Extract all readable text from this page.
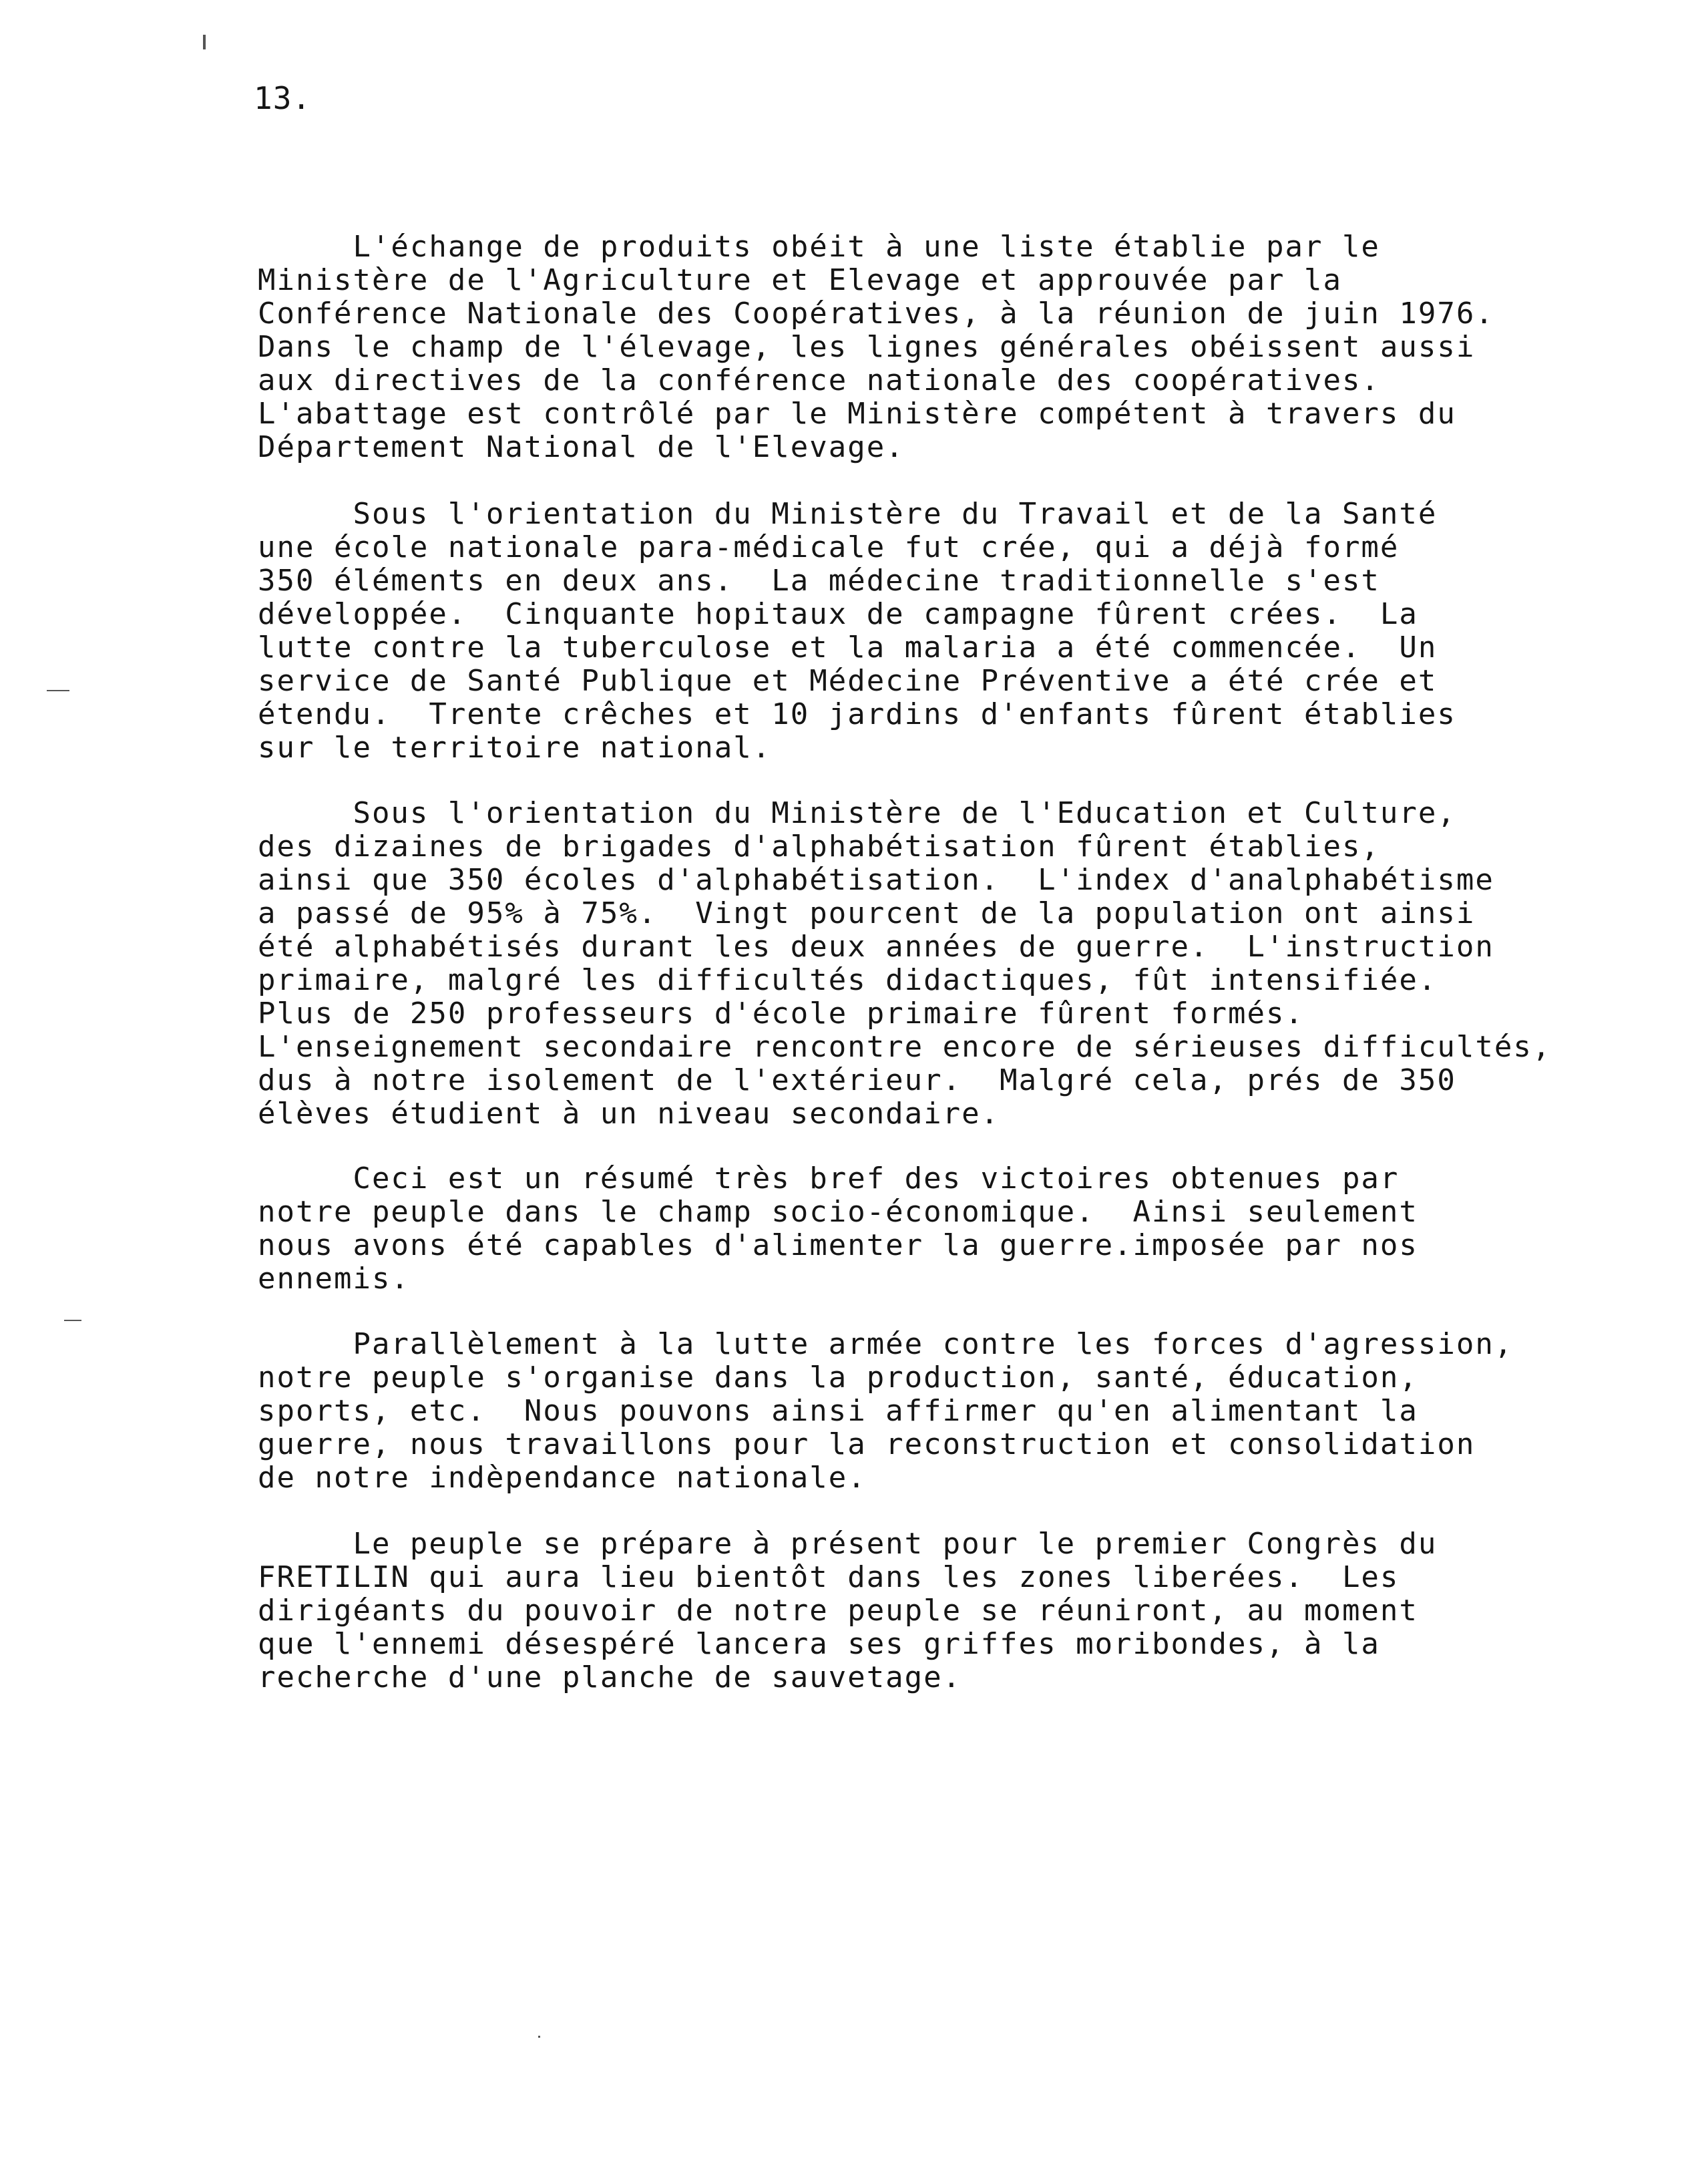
13.
L'échange de produits obéit à une liste établie par le
Ministère de l'Agriculture et Elevage et approuvée par la
Conférence Nationale des Coopératives, à la réunion de juin 1976.
Dans le champ de l'élevage, les lignes générales obéissent aussi
aux directives de la conférence nationale des coopératives.
L'abattage est contrôlé par le Ministère compétent à travers du
Département National de l'Elevage.
Sous l'orientation du Ministère du Travail et de la Santé
une école nationale para-médicale fut crée, qui a déjà formé
350 éléments en deux ans.  La médecine traditionnelle s'est
développée.  Cinquante hopitaux de campagne fûrent crées.  La
lutte contre la tuberculose et la malaria a été commencée.  Un
service de Santé Publique et Médecine Préventive a été crée et
étendu.  Trente crêches et 10 jardins d'enfants fûrent établies
sur le territoire national.
Sous l'orientation du Ministère de l'Education et Culture,
des dizaines de brigades d'alphabétisation fûrent établies,
ainsi que 350 écoles d'alphabétisation.  L'index d'analphabétisme
a passé de 95% à 75%.  Vingt pourcent de la population ont ainsi
été alphabétisés durant les deux années de guerre.  L'instruction
primaire, malgré les difficultés didactiques, fût intensifiée.
Plus de 250 professeurs d'école primaire fûrent formés.
L'enseignement secondaire rencontre encore de sérieuses difficultés,
dus à notre isolement de l'extérieur.  Malgré cela, prés de 350
élèves étudient à un niveau secondaire.
Ceci est un résumé très bref des victoires obtenues par
notre peuple dans le champ socio-économique.  Ainsi seulement
nous avons été capables d'alimenter la guerre.imposée par nos
ennemis.
Parallèlement à la lutte armée contre les forces d'agression,
notre peuple s'organise dans la production, santé, éducation,
sports, etc.  Nous pouvons ainsi affirmer qu'en alimentant la
guerre, nous travaillons pour la reconstruction et consolidation
de notre indèpendance nationale.
Le peuple se prépare à présent pour le premier Congrès du
FRETILIN qui aura lieu bientôt dans les zones liberées.  Les
dirigéants du pouvoir de notre peuple se réuniront, au moment
que l'ennemi désespéré lancera ses griffes moribondes, à la
recherche d'une planche de sauvetage.
